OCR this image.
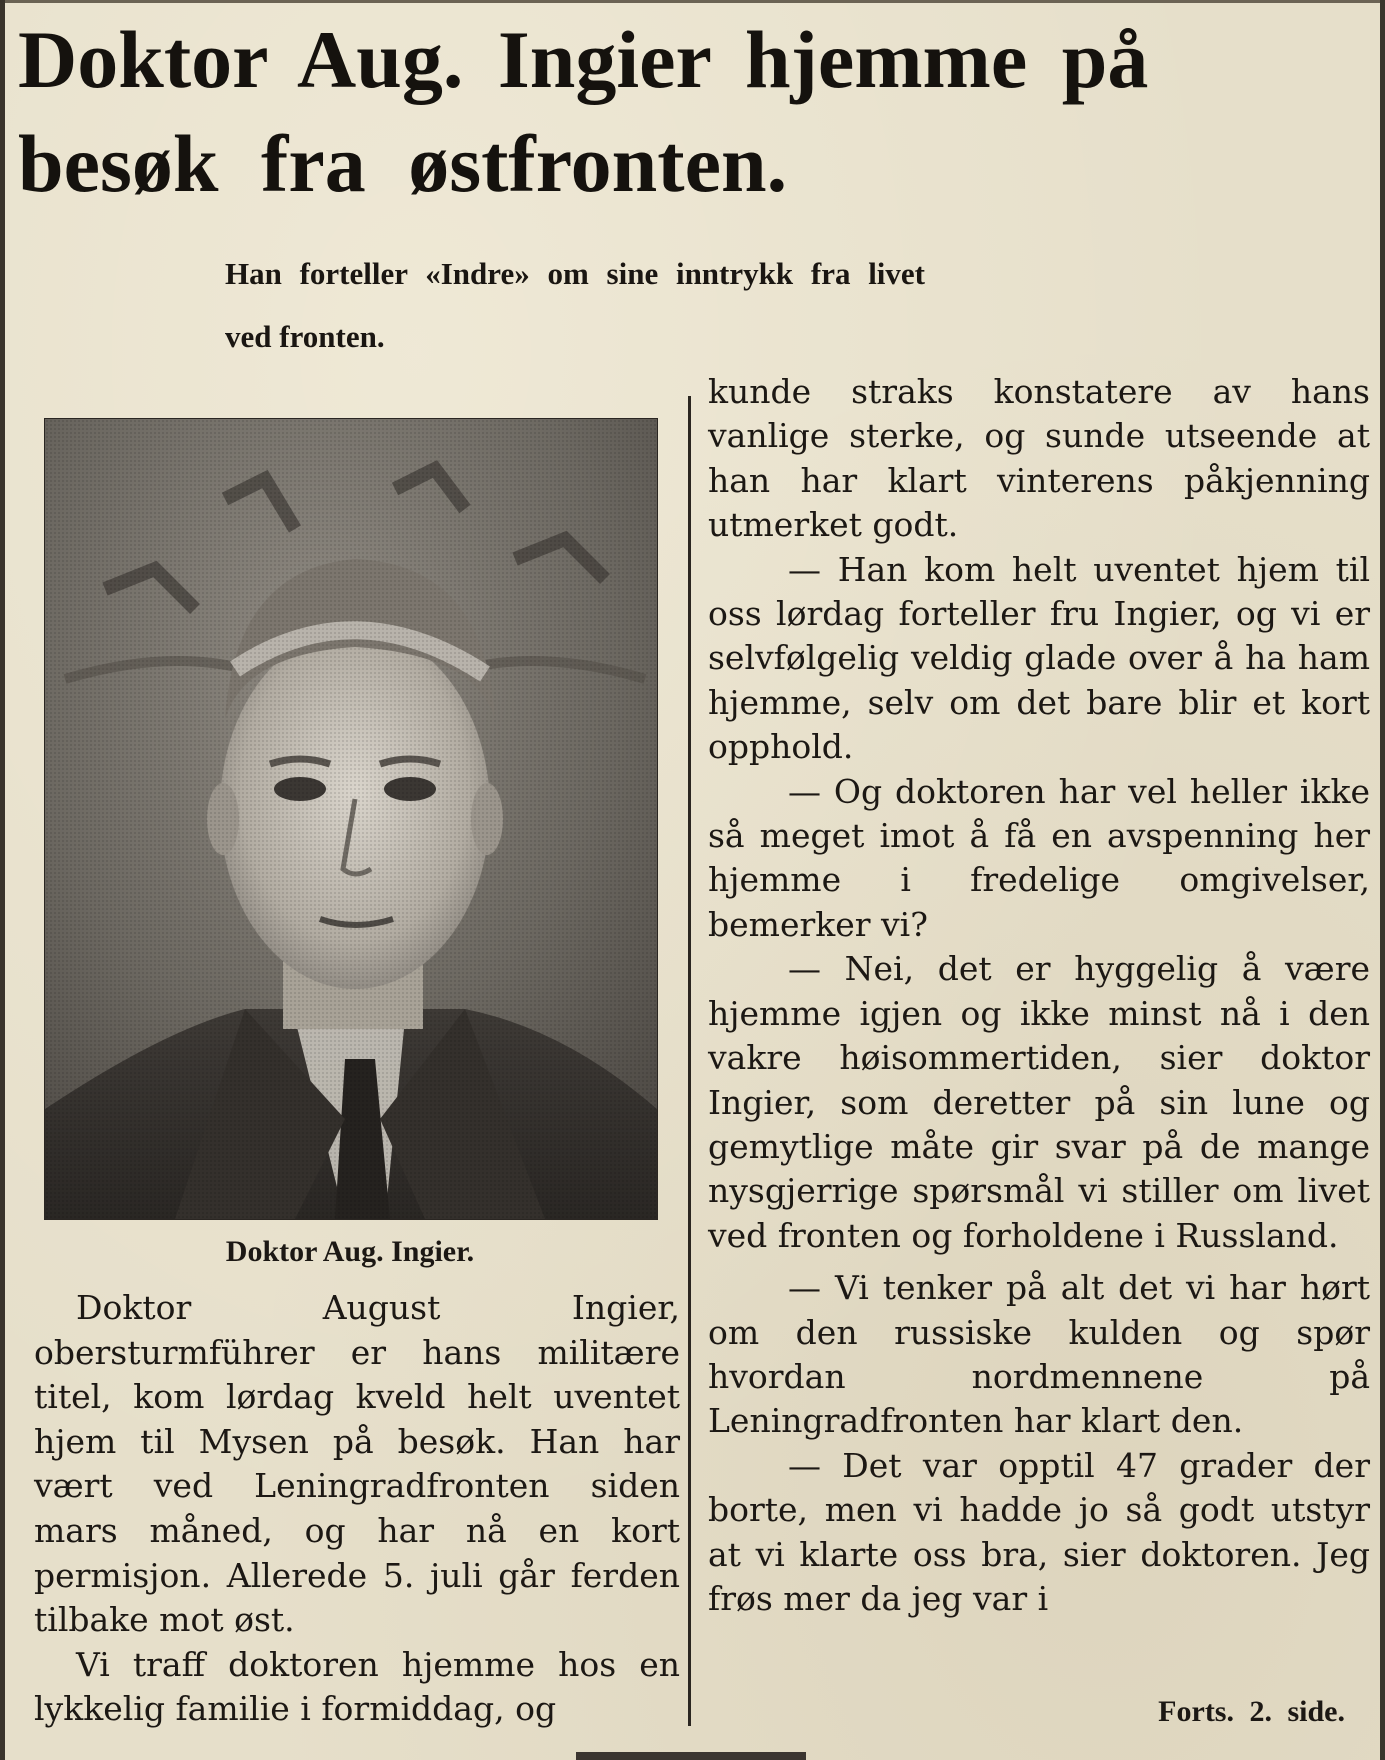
Doktor Aug. Ingier hjemme på
besøk fra østfronten.
Han forteller «Indre» om sine inntrykk fra livet
ved fronten.

Doktor Aug. Ingier.

Doktor August Ingier, obersturmführer er hans militære titel, kom lørdag kveld helt uventet hjem til Mysen på besøk. Han har vært ved Leningradfronten siden mars måned, og har nå en kort permisjon. Allerede 5. juli går ferden tilbake mot øst.

Vi traff doktoren hjemme hos en lykkelig familie i formiddag, og

kunde straks konstatere av hans vanlige sterke, og sunde utseende at han har klart vinterens påkjenning utmerket godt.

— Han kom helt uventet hjem til oss lørdag forteller fru Ingier, og vi er selvfølgelig veldig glade over å ha ham hjemme, selv om det bare blir et kort opphold.

— Og doktoren har vel heller ikke så meget imot å få en avspenning her hjemme i fredelige omgivelser, bemerker vi?

— Nei, det er hyggelig å være hjemme igjen og ikke minst nå i den vakre høisommertiden, sier doktor Ingier, som deretter på sin lune og gemytlige måte gir svar på de mange nysgjerrige spørsmål vi stiller om livet ved fronten og forholdene i Russland.

— Vi tenker på alt det vi har hørt om den russiske kulden og spør hvordan nordmennene på Leningradfronten har klart den.

— Det var opptil 47 grader der borte, men vi hadde jo så godt utstyr at vi klarte oss bra, sier doktoren. Jeg frøs mer da jeg var i

Forts. 2. side.
